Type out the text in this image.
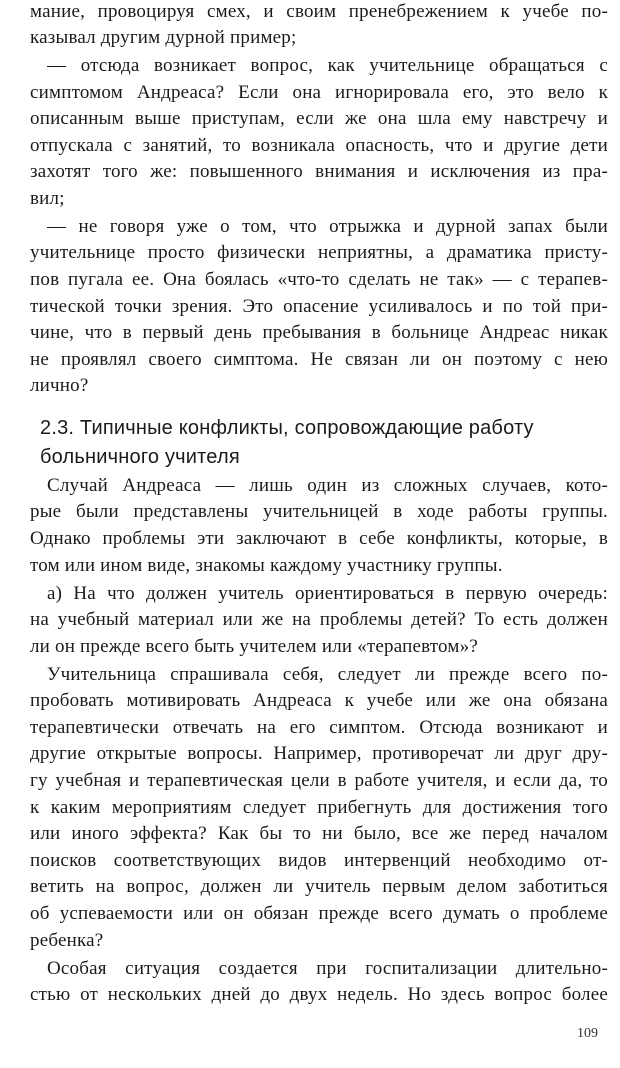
мание, провоцируя смех, и своим пренебрежением к учебе по-
казывал другим дурной пример;
— отсюда возникает вопрос, как учительнице обращаться с
симптомом Андреаса? Если она игнорировала его, это вело к
описанным выше приступам, если же она шла ему навстречу и
отпускала с занятий, то возникала опасность, что и другие дети
захотят того же: повышенного внимания и исключения из пра-
вил;
— не говоря уже о том, что отрыжка и дурной запах были
учительнице просто физически неприятны, а драматика присту-
пов пугала ее. Она боялась «что-то сделать не так» — с терапев-
тической точки зрения. Это опасение усиливалось и по той при-
чине, что в первый день пребывания в больнице Андреас никак
не проявлял своего симптома. Не связан ли он поэтому с нею
лично?
2.3. Типичные конфликты, сопровождающие работу
больничного учителя
Случай Андреаса — лишь один из сложных случаев, кото-
рые были представлены учительницей в ходе работы группы.
Однако проблемы эти заключают в себе конфликты, которые, в
том или ином виде, знакомы каждому участнику группы.
а) На что должен учитель ориентироваться в первую очередь:
на учебный материал или же на проблемы детей? То есть должен
ли он прежде всего быть учителем или «терапевтом»?
Учительница спрашивала себя, следует ли прежде всего по-
пробовать мотивировать Андреаса к учебе или же она обязана
терапевтически отвечать на его симптом. Отсюда возникают и
другие открытые вопросы. Например, противоречат ли друг дру-
гу учебная и терапевтическая цели в работе учителя, и если да, то
к каким мероприятиям следует прибегнуть для достижения того
или иного эффекта? Как бы то ни было, все же перед началом
поисков соответствующих видов интервенций необходимо от-
ветить на вопрос, должен ли учитель первым делом заботиться
об успеваемости или он обязан прежде всего думать о проблеме
ребенка?
Особая ситуация создается при госпитализации длительно-
стью от нескольких дней до двух недель. Но здесь вопрос более
109
